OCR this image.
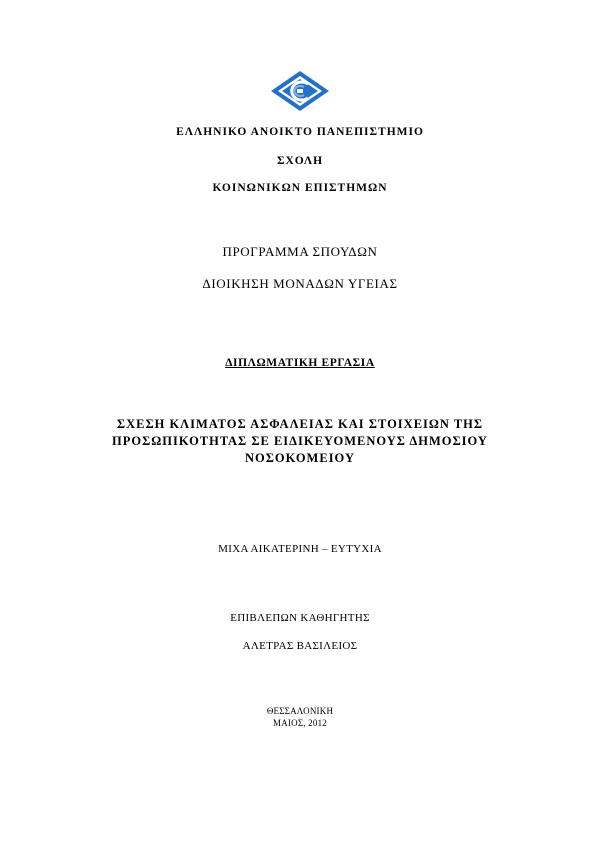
ΕΛΛΗΝΙΚΟ ΑΝΟΙΚΤΟ ΠΑΝΕΠΙΣΤΗΜΙΟ
ΣΧΟΛΗ
ΚΟΙΝΩΝΙΚΩΝ ΕΠΙΣΤΗΜΩΝ
ΠΡΟΓΡΑΜΜΑ ΣΠΟΥΔΩΝ
ΔΙΟΙΚΗΣΗ ΜΟΝΑΔΩΝ ΥΓΕΙΑΣ
ΔΙΠΛΩΜΑΤΙΚΗ ΕΡΓΑΣΙΑ
ΣΧΕΣΗ ΚΛΙΜΑΤΟΣ ΑΣΦΑΛΕΙΑΣ ΚΑΙ ΣΤΟΙΧΕΙΩΝ ΤΗΣ
ΠΡΟΣΩΠΙΚΟΤΗΤΑΣ ΣΕ ΕΙΔΙΚΕΥΟΜΕΝΟΥΣ ΔΗΜΟΣΙΟΥ
ΝΟΣΟΚΟΜΕΙΟΥ
ΜΙΧΑ ΑΙΚΑΤΕΡΙΝΗ – ΕΥΤΥΧΙΑ
ΕΠΙΒΛΕΠΩΝ ΚΑΘΗΓΗΤΗΣ
ΑΛΕΤΡΑΣ ΒΑΣΙΛΕΙΟΣ
ΘΕΣΣΑΛΟΝΙΚΗ
ΜΑΙΟΣ, 2012
